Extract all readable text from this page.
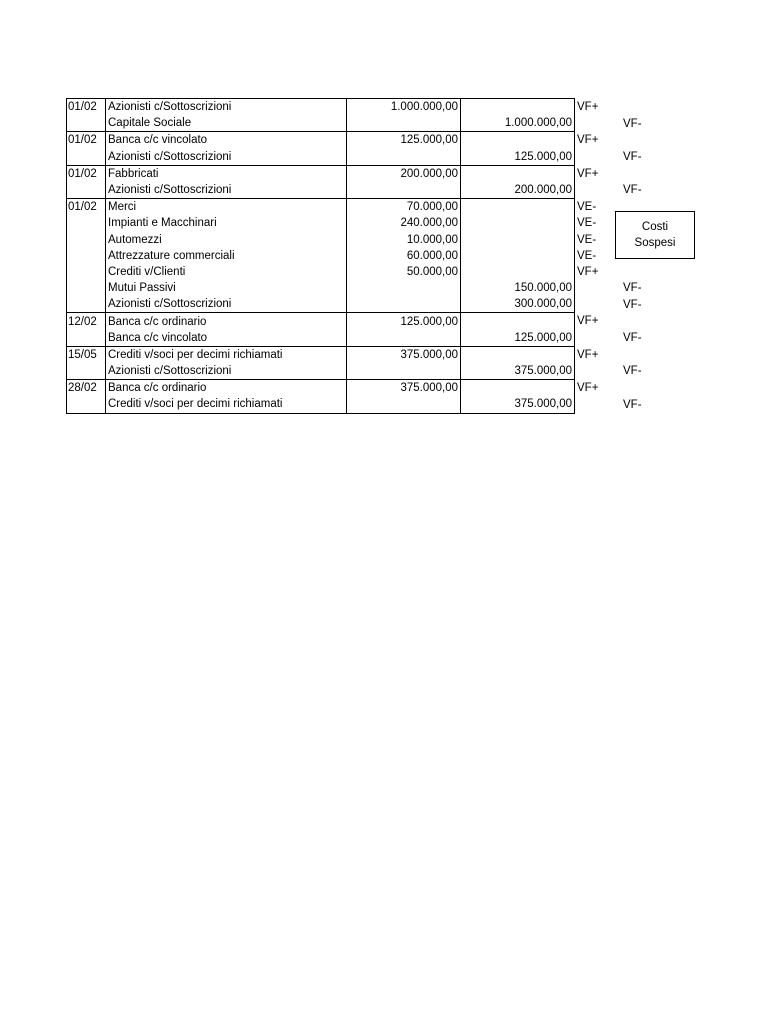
01/02	Azionisti c/Sottoscrizioni	1.000.000,00		VF+	
	Capitale Sociale		1.000.000,00		VF-
01/02	Banca c/c vincolato	125.000,00		VF+	
	Azionisti c/Sottoscrizioni		125.000,00		VF-
01/02	Fabbricati	200.000,00		VF+	
	Azionisti c/Sottoscrizioni		200.000,00		VF-
01/02	Merci	70.000,00		VE-	
	Impianti e Macchinari	240.000,00		VE-	
	Automezzi	10.000,00		VE-	
	Attrezzature commerciali	60.000,00		VE-	
	Crediti v/Clienti	50.000,00		VF+	
	Mutui Passivi		150.000,00		VF-
	Azionisti c/Sottoscrizioni		300.000,00		VF-
12/02	Banca c/c ordinario	125.000,00		VF+	
	Banca c/c vincolato		125.000,00		VF-
15/05	Crediti v/soci per decimi richiamati	375.000,00		VF+	
	Azionisti c/Sottoscrizioni		375.000,00		VF-
28/02	Banca c/c ordinario	375.000,00		VF+	
	Crediti v/soci per decimi richiamati		375.000,00		VF-
Costi
Sospesi
